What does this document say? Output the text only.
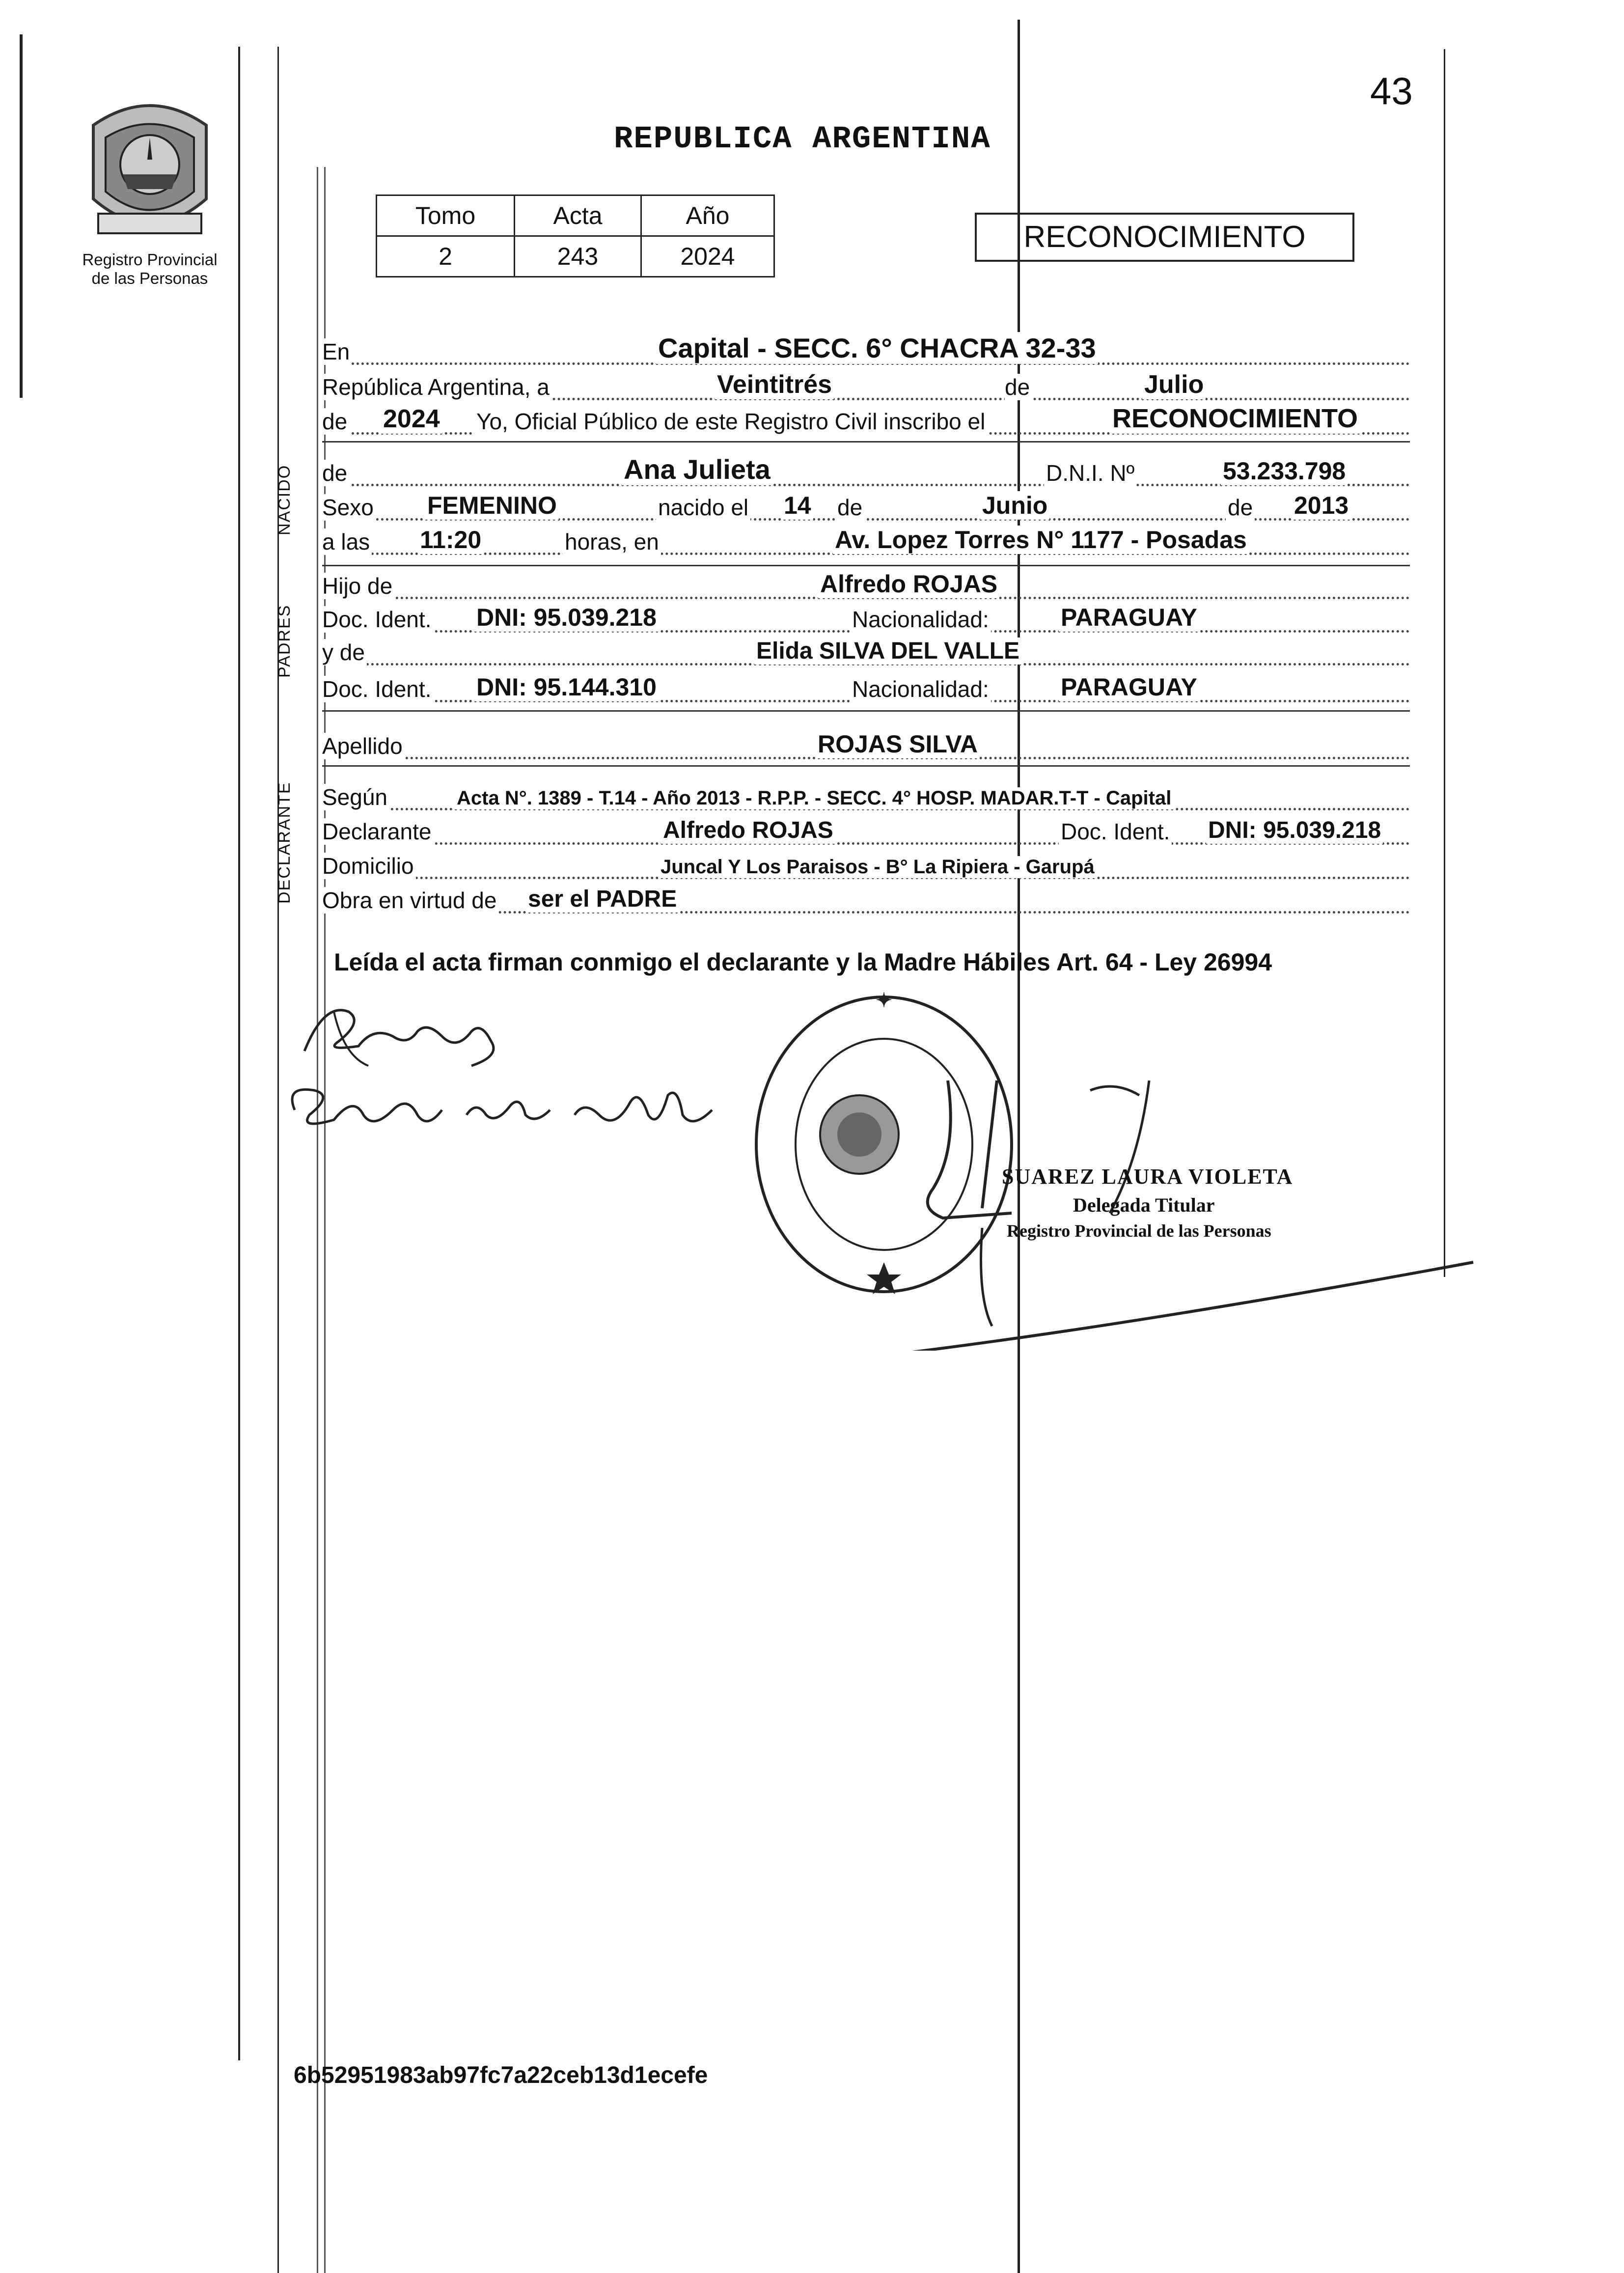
43
REPUBLICA ARGENTINA
Registro Provincial
de las Personas
Tomo	Acta	Año
2	243	2024
RECONOCIMIENTO
NACIDO
PADRES
DECLARANTE
En	Capital - SECC. 6° CHACRA 32-33
República Argentina, a	Veintitrés	de	Julio
de 2024 Yo, Oficial Público de este Registro Civil inscribo el	RECONOCIMIENTO
de	Ana Julieta	D.N.I. Nº	53.233.798
Sexo FEMENINO	nacido el 14 de	Junio	de 2013
a las 11:20	horas, en	Av. Lopez Torres N° 1177 - Posadas
Hijo de	Alfredo ROJAS
Doc. Ident. DNI: 95.039.218	Nacionalidad:	PARAGUAY
y de	Elida SILVA DEL VALLE
Doc. Ident. DNI: 95.144.310	Nacionalidad:	PARAGUAY
Apellido	ROJAS SILVA
Según	Acta N°. 1389 - T.14 - Año 2013 - R.P.P. - SECC. 4° HOSP. MADAR.T-T - Capital
Declarante	Alfredo ROJAS	Doc. Ident. DNI: 95.039.218
Domicilio	Juncal Y Los Paraisos - B° La Ripiera - Garupá
Obra en virtud de ser el PADRE
Leída el acta firman conmigo el declarante y la Madre Hábiles Art. 64 - Ley 26994
✦
SUAREZ LAURA VIOLETA
Delegada Titular
Registro Provincial de las Personas
6b52951983ab97fc7a22ceb13d1ecefe
